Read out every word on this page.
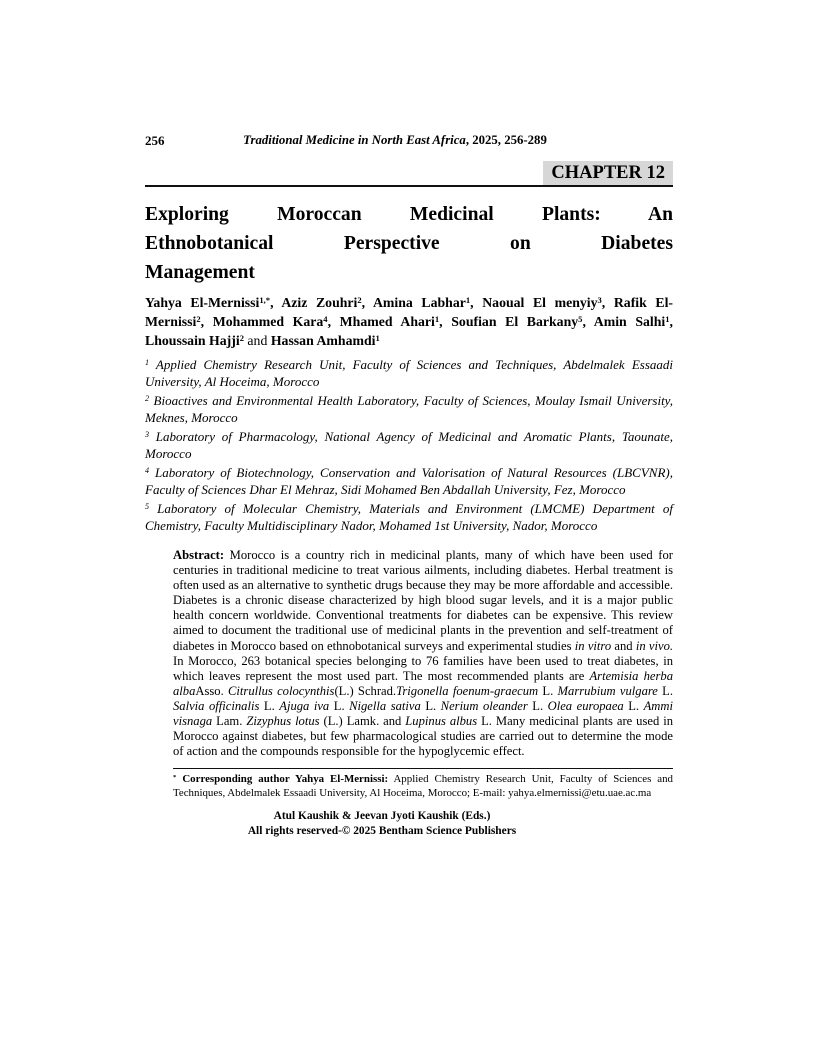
256	Traditional Medicine in North East Africa, 2025, 256-289
CHAPTER 12
Exploring Moroccan Medicinal Plants: An
Ethnobotanical Perspective on Diabetes
Management

Yahya El-Mernissi$^{1,*}$, Aziz Zouhri$^2$, Amina Labhar$^1$, Naoual El menyiy$^3$, Rafik El-Mernissi$^2$, Mohammed Kara$^4$, Mhamed Ahari$^1$, Soufian El Barkany$^5$, Amin Salhi$^1$, Lhoussain Hajji$^2$ and Hassan Amhamdi$^1$

$^1$ Applied Chemistry Research Unit, Faculty of Sciences and Techniques, Abdelmalek Essaadi University, Al Hoceima, Morocco

$^2$ Bioactives and Environmental Health Laboratory, Faculty of Sciences, Moulay Ismail University, Meknes, Morocco

$^3$ Laboratory of Pharmacology, National Agency of Medicinal and Aromatic Plants, Taounate, Morocco

$^4$ Laboratory of Biotechnology, Conservation and Valorisation of Natural Resources (LBCVNR), Faculty of Sciences Dhar El Mehraz, Sidi Mohamed Ben Abdallah University, Fez, Morocco

$^5$ Laboratory of Molecular Chemistry, Materials and Environment (LMCME) Department of Chemistry, Faculty Multidisciplinary Nador, Mohamed 1st University, Nador, Morocco

Abstract: Morocco is a country rich in medicinal plants, many of which have been used for centuries in traditional medicine to treat various ailments, including diabetes. Herbal treatment is often used as an alternative to synthetic drugs because they may be more affordable and accessible. Diabetes is a chronic disease characterized by high blood sugar levels, and it is a major public health concern worldwide. Conventional treatments for diabetes can be expensive. This review aimed to document the traditional use of medicinal plants in the prevention and self-treatment of diabetes in Morocco based on ethnobotanical surveys and experimental studies in vitro and in vivo. In Morocco, 263 botanical species belonging to 76 families have been used to treat diabetes, in which leaves represent the most used part. The most recommended plants are Artemisia herba albaAsso. Citrullus colocynthis(L.) Schrad.Trigonella foenum-graecum L. Marrubium vulgare L. Salvia officinalis L. Ajuga iva L. Nigella sativa L. Nerium oleander L. Olea europaea L. Ammi visnaga Lam. Zizyphus lotus (L.) Lamk. and Lupinus albus L. Many medicinal plants are used in Morocco against diabetes, but few pharmacological studies are carried out to determine the mode of action and the compounds responsible for the hypoglycemic effect.

* Corresponding author Yahya El-Mernissi: Applied Chemistry Research Unit, Faculty of Sciences and Techniques, Abdelmalek Essaadi University, Al Hoceima, Morocco; E-mail: yahya.elmernissi@etu.uae.ac.ma

Atul Kaushik & Jeevan Jyoti Kaushik (Eds.)
All rights reserved-© 2025 Bentham Science Publishers
